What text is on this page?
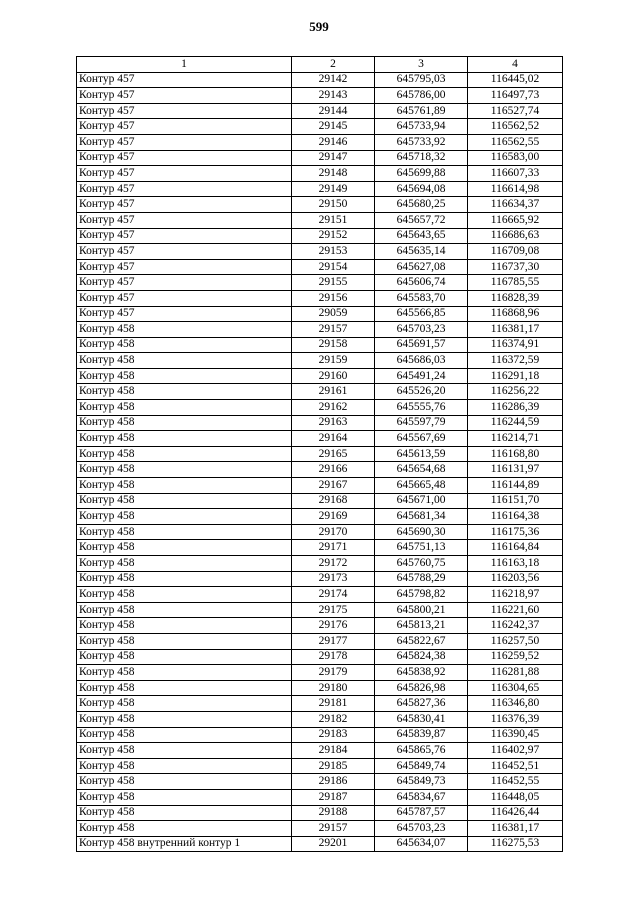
599
1	2	3	4
Контур 457	29142	645795,03	116445,02
Контур 457	29143	645786,00	116497,73
Контур 457	29144	645761,89	116527,74
Контур 457	29145	645733,94	116562,52
Контур 457	29146	645733,92	116562,55
Контур 457	29147	645718,32	116583,00
Контур 457	29148	645699,88	116607,33
Контур 457	29149	645694,08	116614,98
Контур 457	29150	645680,25	116634,37
Контур 457	29151	645657,72	116665,92
Контур 457	29152	645643,65	116686,63
Контур 457	29153	645635,14	116709,08
Контур 457	29154	645627,08	116737,30
Контур 457	29155	645606,74	116785,55
Контур 457	29156	645583,70	116828,39
Контур 457	29059	645566,85	116868,96
Контур 458	29157	645703,23	116381,17
Контур 458	29158	645691,57	116374,91
Контур 458	29159	645686,03	116372,59
Контур 458	29160	645491,24	116291,18
Контур 458	29161	645526,20	116256,22
Контур 458	29162	645555,76	116286,39
Контур 458	29163	645597,79	116244,59
Контур 458	29164	645567,69	116214,71
Контур 458	29165	645613,59	116168,80
Контур 458	29166	645654,68	116131,97
Контур 458	29167	645665,48	116144,89
Контур 458	29168	645671,00	116151,70
Контур 458	29169	645681,34	116164,38
Контур 458	29170	645690,30	116175,36
Контур 458	29171	645751,13	116164,84
Контур 458	29172	645760,75	116163,18
Контур 458	29173	645788,29	116203,56
Контур 458	29174	645798,82	116218,97
Контур 458	29175	645800,21	116221,60
Контур 458	29176	645813,21	116242,37
Контур 458	29177	645822,67	116257,50
Контур 458	29178	645824,38	116259,52
Контур 458	29179	645838,92	116281,88
Контур 458	29180	645826,98	116304,65
Контур 458	29181	645827,36	116346,80
Контур 458	29182	645830,41	116376,39
Контур 458	29183	645839,87	116390,45
Контур 458	29184	645865,76	116402,97
Контур 458	29185	645849,74	116452,51
Контур 458	29186	645849,73	116452,55
Контур 458	29187	645834,67	116448,05
Контур 458	29188	645787,57	116426,44
Контур 458	29157	645703,23	116381,17
Контур 458 внутренний контур 1	29201	645634,07	116275,53
